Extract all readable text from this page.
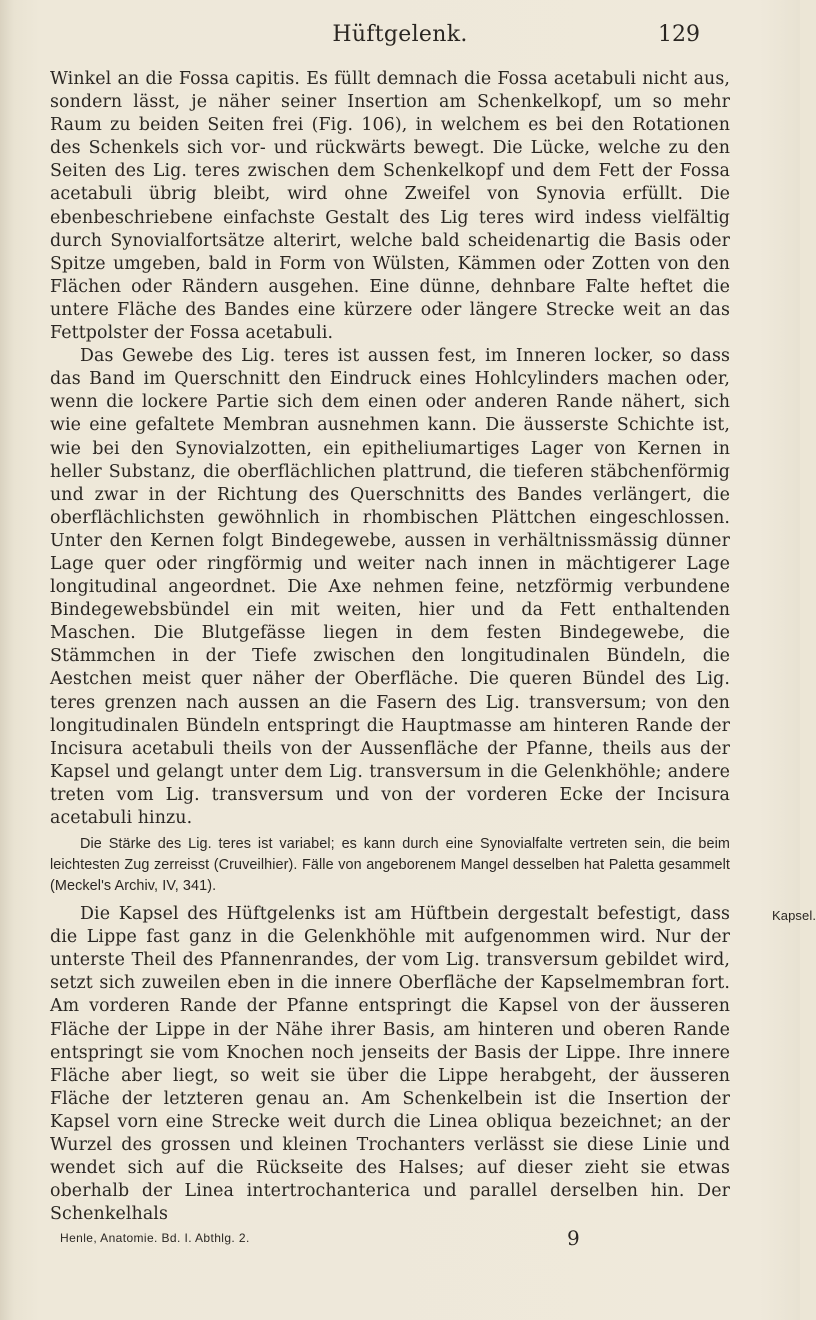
Hüftgelenk.	129

Winkel an die Fossa capitis. Es füllt demnach die Fossa acetabuli nicht aus, sondern lässt, je näher seiner Insertion am Schenkelkopf, um so mehr Raum zu beiden Seiten frei (Fig. 106), in welchem es bei den Rotationen des Schenkels sich vor- und rückwärts bewegt. Die Lücke, welche zu den Seiten des Lig. teres zwischen dem Schenkelkopf und dem Fett der Fossa acetabuli übrig bleibt, wird ohne Zweifel von Synovia erfüllt. Die ebenbeschriebene einfachste Gestalt des Lig teres wird indess vielfältig durch Synovialfortsätze alterirt, welche bald scheidenartig die Basis oder Spitze umgeben, bald in Form von Wülsten, Kämmen oder Zotten von den Flächen oder Rändern ausgehen. Eine dünne, dehnbare Falte heftet die untere Fläche des Bandes eine kürzere oder längere Strecke weit an das Fettpolster der Fossa acetabuli.

Das Gewebe des Lig. teres ist aussen fest, im Inneren locker, so dass das Band im Querschnitt den Eindruck eines Hohlcylinders machen oder, wenn die lockere Partie sich dem einen oder anderen Rande nähert, sich wie eine gefaltete Membran ausnehmen kann. Die äusserste Schichte ist, wie bei den Synovialzotten, ein epitheliumartiges Lager von Kernen in heller Substanz, die oberflächlichen plattrund, die tieferen stäbchenförmig und zwar in der Richtung des Querschnitts des Bandes verlängert, die oberflächlichsten gewöhnlich in rhombischen Plättchen eingeschlossen. Unter den Kernen folgt Bindegewebe, aussen in verhältnissmässig dünner Lage quer oder ringförmig und weiter nach innen in mächtigerer Lage longitudinal angeordnet. Die Axe nehmen feine, netzförmig verbundene Bindegewebsbündel ein mit weiten, hier und da Fett enthaltenden Maschen. Die Blutgefässe liegen in dem festen Bindegewebe, die Stämmchen in der Tiefe zwischen den longitudinalen Bündeln, die Aestchen meist quer näher der Oberfläche. Die queren Bündel des Lig. teres grenzen nach aussen an die Fasern des Lig. transversum; von den longitudinalen Bündeln entspringt die Hauptmasse am hinteren Rande der Incisura acetabuli theils von der Aussenfläche der Pfanne, theils aus der Kapsel und gelangt unter dem Lig. transversum in die Gelenkhöhle; andere treten vom Lig. transversum und von der vorderen Ecke der Incisura acetabuli hinzu.

Die Stärke des Lig. teres ist variabel; es kann durch eine Synovialfalte vertreten sein, die beim leichtesten Zug zerreisst (Cruveilhier). Fälle von angeborenem Mangel desselben hat Paletta gesammelt (Meckel's Archiv, IV, 341).

Die Kapsel des Hüftgelenks ist am Hüftbein dergestalt befestigt, dass die Lippe fast ganz in die Gelenkhöhle mit aufgenommen wird. Nur der unterste Theil des Pfannenrandes, der vom Lig. transversum gebildet wird, setzt sich zuweilen eben in die innere Oberfläche der Kapselmembran fort. Am vorderen Rande der Pfanne entspringt die Kapsel von der äusseren Fläche der Lippe in der Nähe ihrer Basis, am hinteren und oberen Rande entspringt sie vom Knochen noch jenseits der Basis der Lippe. Ihre innere Fläche aber liegt, so weit sie über die Lippe herabgeht, der äusseren Fläche der letzteren genau an. Am Schenkelbein ist die Insertion der Kapsel vorn eine Strecke weit durch die Linea obliqua bezeichnet; an der Wurzel des grossen und kleinen Trochanters verlässt sie diese Linie und wendet sich auf die Rückseite des Halses; auf dieser zieht sie etwas oberhalb der Linea intertrochanterica und parallel derselben hin. Der Schenkelhals
Kapsel.

Henle, Anatomie. Bd. I. Abthlg. 2.	9
